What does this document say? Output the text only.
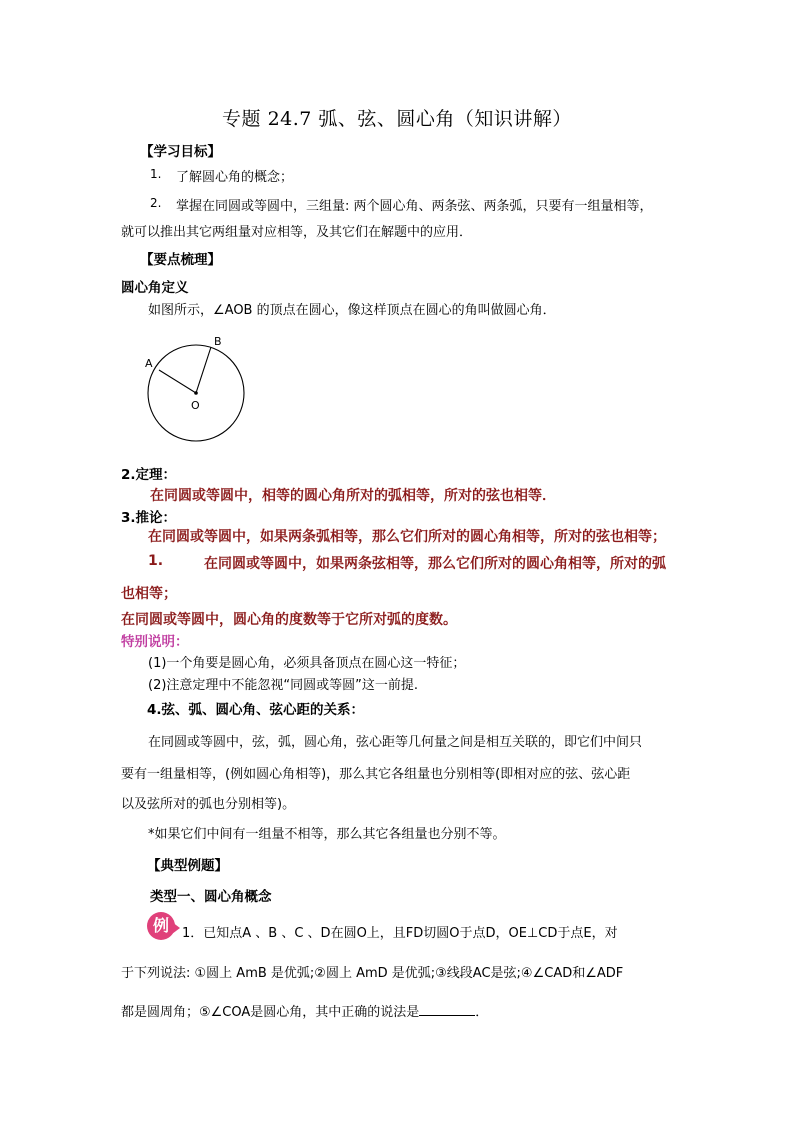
专题 24.7 弧、弦、圆心角（知识讲解）
【学习目标】
1. 了解圆心角的概念；
2. 掌握在同圆或等圆中，三组量: 两个圆心角、两条弦、两条弧，只要有一组量相等，
就可以推出其它两组量对应相等，及其它们在解题中的应用．
【要点梳理】
圆心角定义
如图所示，∠AOB 的顶点在圆心，像这样顶点在圆心的角叫做圆心角．
A
B
O
2.定理：
在同圆或等圆中，相等的圆心角所对的弧相等，所对的弦也相等．
3.推论：
在同圆或等圆中，如果两条弧相等，那么它们所对的圆心角相等，所对的弦也相等；
1.	在同圆或等圆中，如果两条弦相等，那么它们所对的圆心角相等，所对的弧
也相等；
在同圆或等圆中，圆心角的度数等于它所对弧的度数。
特别说明：
(1)一个角要是圆心角，必须具备顶点在圆心这一特征；
(2)注意定理中不能忽视“同圆或等圆”这一前提.
4.弦、弧、圆心角、弦心距的关系：
在同圆或等圆中，弦，弧，圆心角，弦心距等几何量之间是相互关联的，即它们中间只
要有一组量相等，(例如圆心角相等)，那么其它各组量也分别相等(即相对应的弦、弦心距
以及弦所对的弧也分别相等)。
*如果它们中间有一组量不相等，那么其它各组量也分别不等。
【典型例题】
类型一、圆心角概念
例	1．已知点A 、B 、C 、D在圆O上，且FD切圆O于点D，OE⊥CD于点E，对
于下列说法: ①圆上 AmB 是优弧;②圆上 AmD 是优弧;③线段AC是弦;④∠CAD和∠ADF
都是圆周角；⑤∠COA是圆心角，其中正确的说法是	．
